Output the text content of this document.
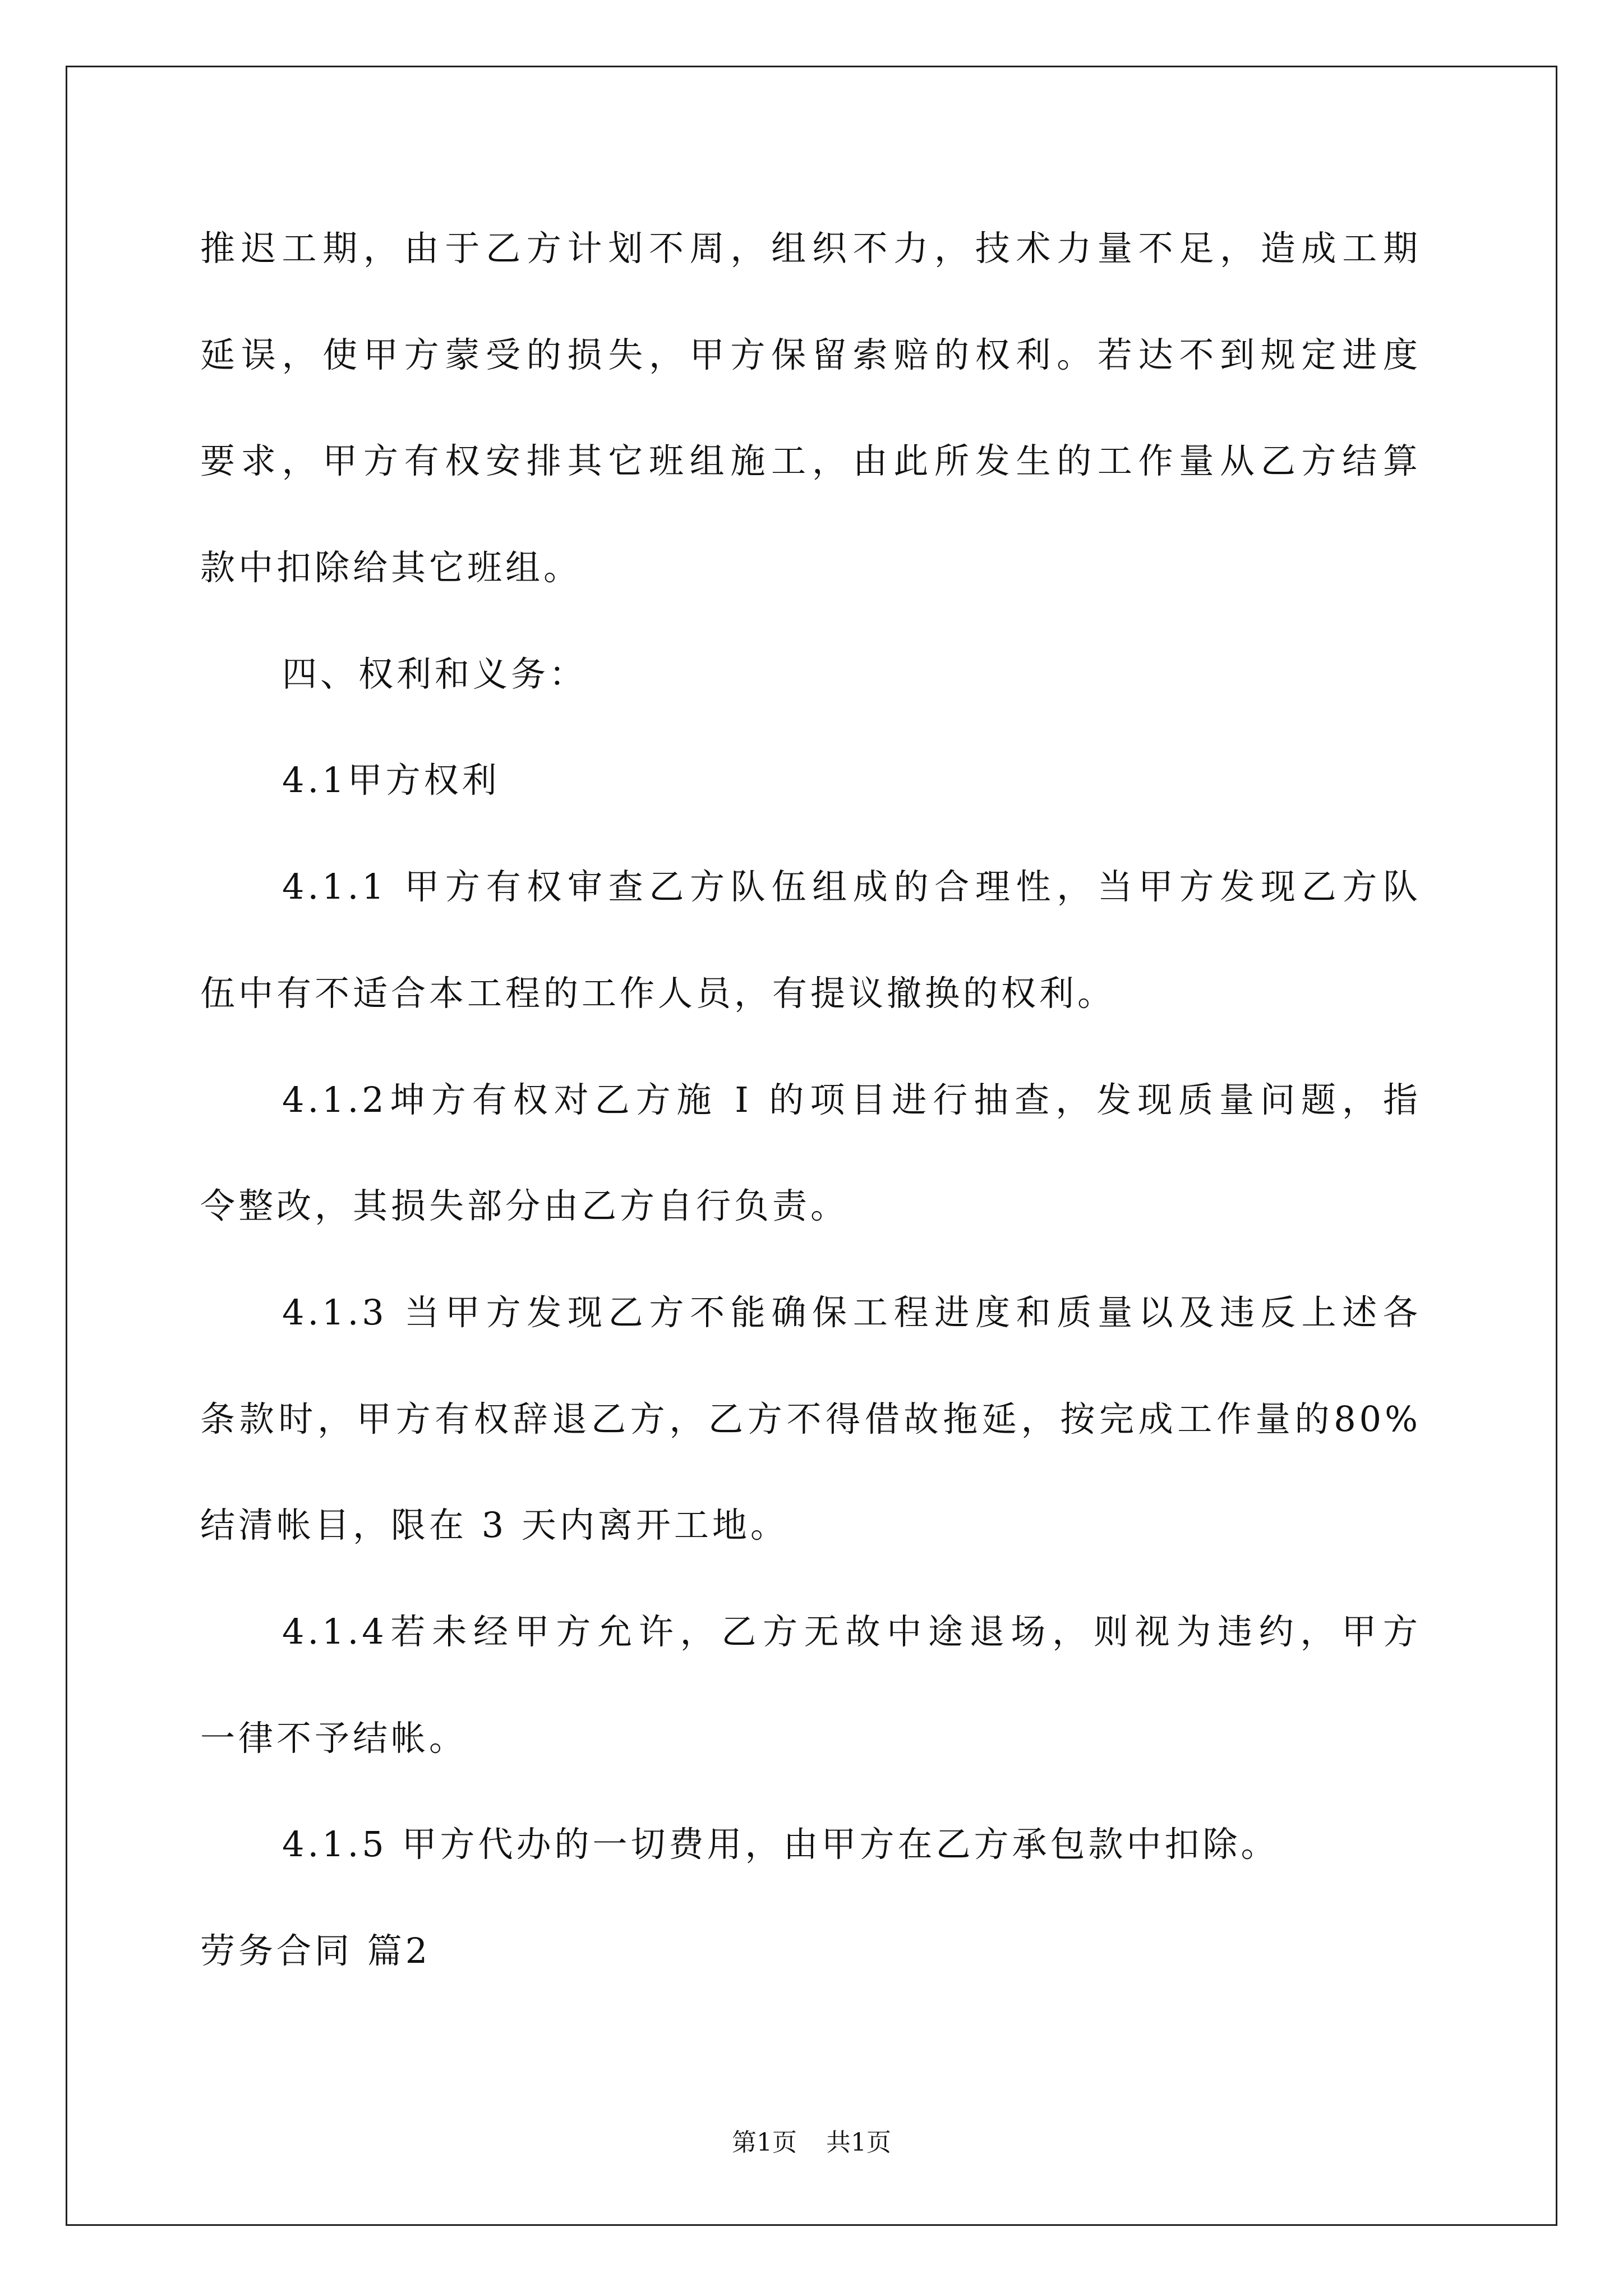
推迟工期，由于乙方计划不周，组织不力，技术力量不足，造成工期
延误，使甲方蒙受的损失，甲方保留索赔的权利。若达不到规定进度
要求，甲方有权安排其它班组施工，由此所发生的工作量从乙方结算
款中扣除给其它班组。
四、权利和义务：
4.1甲方权利
4.1.1 甲方有权审查乙方队伍组成的合理性，当甲方发现乙方队
伍中有不适合本工程的工作人员，有提议撤换的权利。
4.1.2坤方有权对乙方施 I 的项目进行抽查，发现质量问题，指
令整改，其损失部分由乙方自行负责。
4.1.3 当甲方发现乙方不能确保工程进度和质量以及违反上述各
条款时，甲方有权辞退乙方，乙方不得借故拖延，按完成工作量的80%
结清帐目，限在 3 天内离开工地。
4.1.4若未经甲方允许，乙方无故中途退场，则视为违约，甲方
一律不予结帐。
4.1.5 甲方代办的一切费用，由甲方在乙方承包款中扣除。
劳务合同 篇2
第1页 共1页
